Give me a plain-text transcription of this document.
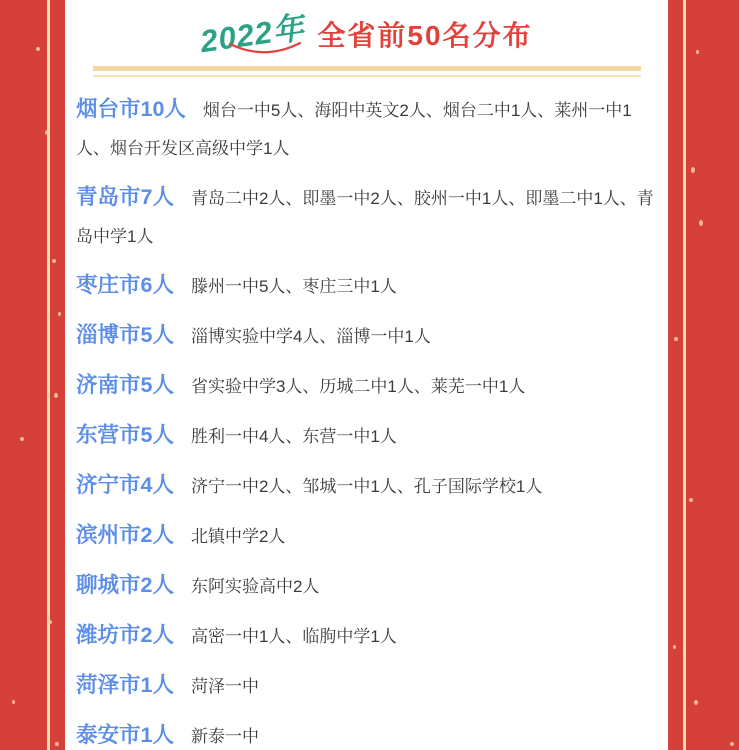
2022年 全省前50名分布

烟台市10人 烟台一中5人、海阳中英文2人、烟台二中1人、莱州一中1人、烟台开发区高级中学1人

青岛市7人 青岛二中2人、即墨一中2人、胶州一中1人、即墨二中1人、青岛中学1人

枣庄市6人 滕州一中5人、枣庄三中1人

淄博市5人 淄博实验中学4人、淄博一中1人

济南市5人 省实验中学3人、历城二中1人、莱芜一中1人

东营市5人 胜利一中4人、东营一中1人

济宁市4人 济宁一中2人、邹城一中1人、孔子国际学校1人

滨州市2人 北镇中学2人

聊城市2人 东阿实验高中2人

潍坊市2人 高密一中1人、临朐中学1人

菏泽市1人 菏泽一中

泰安市1人 新泰一中
